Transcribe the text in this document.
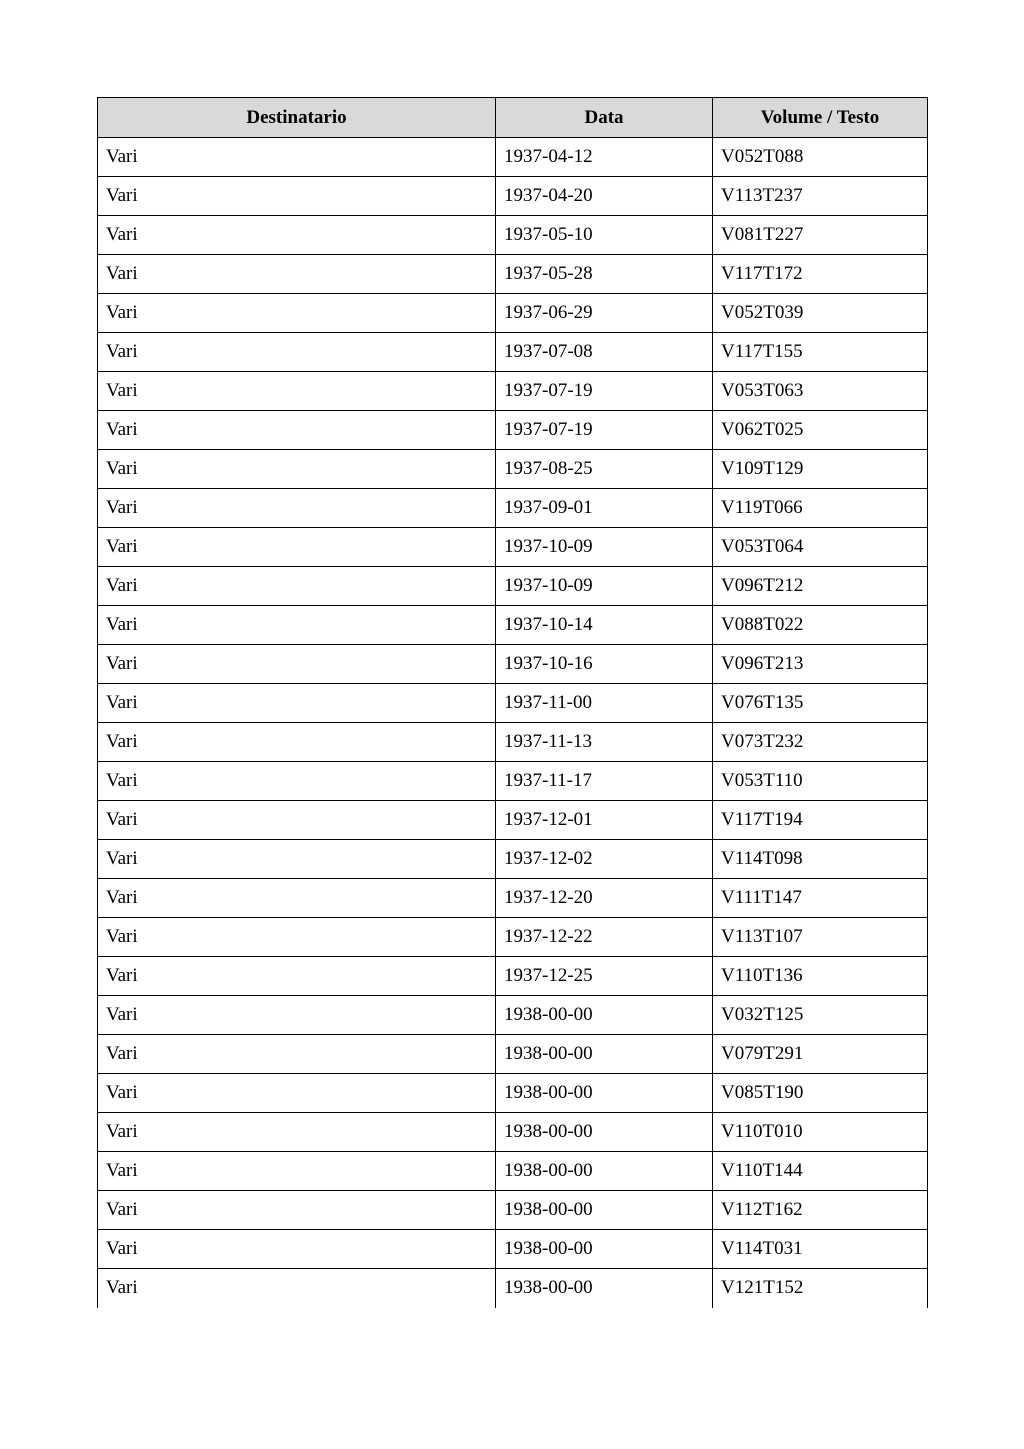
Destinatario	Data	Volume / Testo
Vari	1937-04-12	V052T088
Vari	1937-04-20	V113T237
Vari	1937-05-10	V081T227
Vari	1937-05-28	V117T172
Vari	1937-06-29	V052T039
Vari	1937-07-08	V117T155
Vari	1937-07-19	V053T063
Vari	1937-07-19	V062T025
Vari	1937-08-25	V109T129
Vari	1937-09-01	V119T066
Vari	1937-10-09	V053T064
Vari	1937-10-09	V096T212
Vari	1937-10-14	V088T022
Vari	1937-10-16	V096T213
Vari	1937-11-00	V076T135
Vari	1937-11-13	V073T232
Vari	1937-11-17	V053T110
Vari	1937-12-01	V117T194
Vari	1937-12-02	V114T098
Vari	1937-12-20	V111T147
Vari	1937-12-22	V113T107
Vari	1937-12-25	V110T136
Vari	1938-00-00	V032T125
Vari	1938-00-00	V079T291
Vari	1938-00-00	V085T190
Vari	1938-00-00	V110T010
Vari	1938-00-00	V110T144
Vari	1938-00-00	V112T162
Vari	1938-00-00	V114T031
Vari	1938-00-00	V121T152
